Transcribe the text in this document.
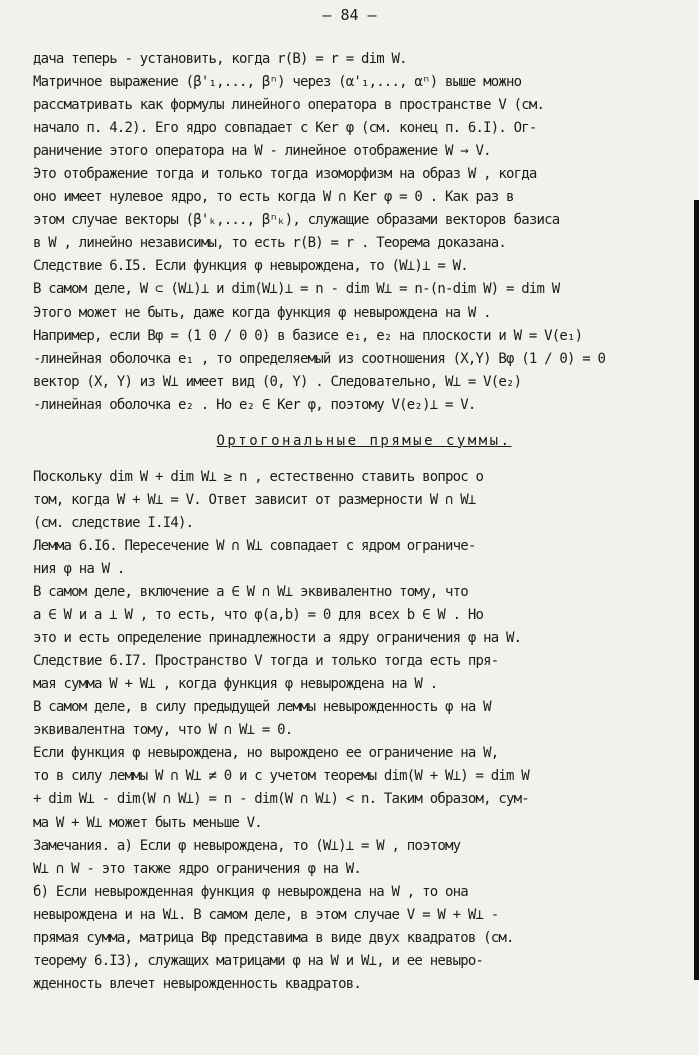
– 84 –
дача теперь - установить, когда r(B) = r = dim W.
Матричное выражение (β'₁,..., βⁿ) через (α'₁,..., αⁿ) выше можно
рассматривать как формулы линейного оператора в пространстве V (см.
начало п. 4.2). Его ядро совпадает с Ker φ (см. конец п. 6.I). Ог-
раничение этого оператора на W - линейное отображение W → V.
Это отображение тогда и только тогда изоморфизм на образ W , когда
оно имеет нулевое ядро, то есть когда W ∩ Ker φ = 0 . Как раз в
этом случае векторы (β'ₖ,..., βⁿₖ), служащие образами векторов базиса
в W , линейно независимы, то есть r(B) = r . Теорема доказана.
Следствие 6.I5. Если функция φ невырождена, то (W⊥)⊥ = W.
В самом деле, W ⊂ (W⊥)⊥ и dim(W⊥)⊥ = n - dim W⊥ = n-(n-dim W) = dim W
Этого может не быть, даже когда функция φ невырождена на W .
Например, если Bφ = (1 0 / 0 0) в базисе e₁, e₂ на плоскости и W = V(e₁)
-линейная оболочка e₁ , то определяемый из соотношения (X,Y) Bφ (1 / 0) = 0
вектор (X, Y) из W⊥ имеет вид (0, Y) . Следовательно, W⊥ = V(e₂)
-линейная оболочка e₂ . Но e₂ ∈ Ker φ, поэтому V(e₂)⊥ = V.
Ортогональные прямые суммы.
Поскольку dim W + dim W⊥ ≥ n , естественно ставить вопрос о
том, когда W + W⊥ = V. Ответ зависит от размерности W ∩ W⊥
(см. следствие I.I4).
Лемма 6.I6. Пересечение W ∩ W⊥ совпадает с ядром ограниче-
ния φ на W .
В самом деле, включение a ∈ W ∩ W⊥ эквивалентно тому, что
a ∈ W и a ⊥ W , то есть, что φ(a,b) = 0 для всех b ∈ W . Но
это и есть определение принадлежности a ядру ограничения φ на W.
Следствие 6.I7. Пространство V тогда и только тогда есть пря-
мая сумма W + W⊥ , когда функция φ невырождена на W .
В самом деле, в силу предыдущей леммы невырожденность φ на W
эквивалентна тому, что W ∩ W⊥ = 0.
Если функция φ невырождена, но вырождено ее ограничение на W,
то в силу леммы W ∩ W⊥ ≠ 0 и с учетом теоремы dim(W + W⊥) = dim W
+ dim W⊥ - dim(W ∩ W⊥) = n - dim(W ∩ W⊥) < n. Таким образом, сум-
ма W + W⊥ может быть меньше V.
Замечания. а) Если φ невырождена, то (W⊥)⊥ = W , поэтому
W⊥ ∩ W - это также ядро ограничения φ на W.
б) Если невырожденная функция φ невырождена на W , то она
невырождена и на W⊥. В самом деле, в этом случае V = W + W⊥ -
прямая сумма, матрица Bφ представима в виде двух квадратов (см.
теорему 6.I3), служащих матрицами φ на W и W⊥, и ее невыро-
жденность влечет невырожденность квадратов.
